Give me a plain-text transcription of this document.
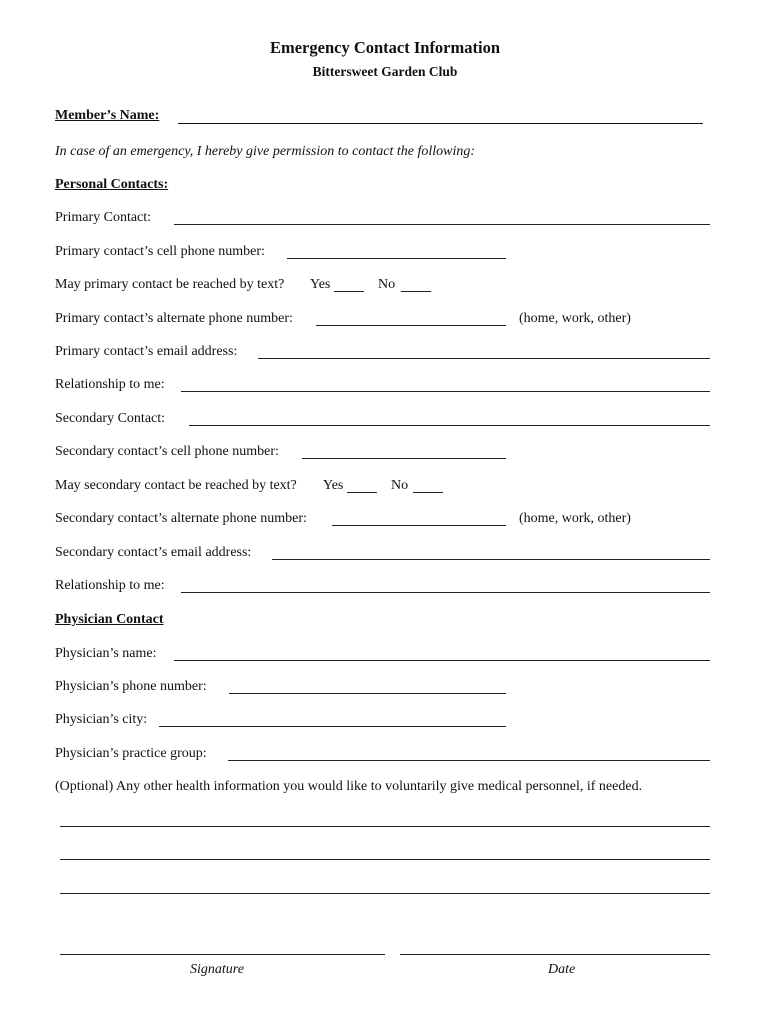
Emergency Contact Information
Bittersweet Garden Club
Member’s Name:
In case of an emergency, I hereby give permission to contact the following:
Personal Contacts:
Primary Contact:
Primary contact’s cell phone number:
May primary contact be reached by text? Yes	No
Primary contact’s alternate phone number:	(home, work, other)
Primary contact’s email address:
Relationship to me:
Secondary Contact:
Secondary contact’s cell phone number:
May secondary contact be reached by text? Yes	No
Secondary contact’s alternate phone number:	(home, work, other)
Secondary contact’s email address:
Relationship to me:
Physician Contact
Physician’s name:
Physician’s phone number:
Physician’s city:
Physician’s practice group:
(Optional) Any other health information you would like to voluntarily give medical personnel, if needed.
Signature	Date
